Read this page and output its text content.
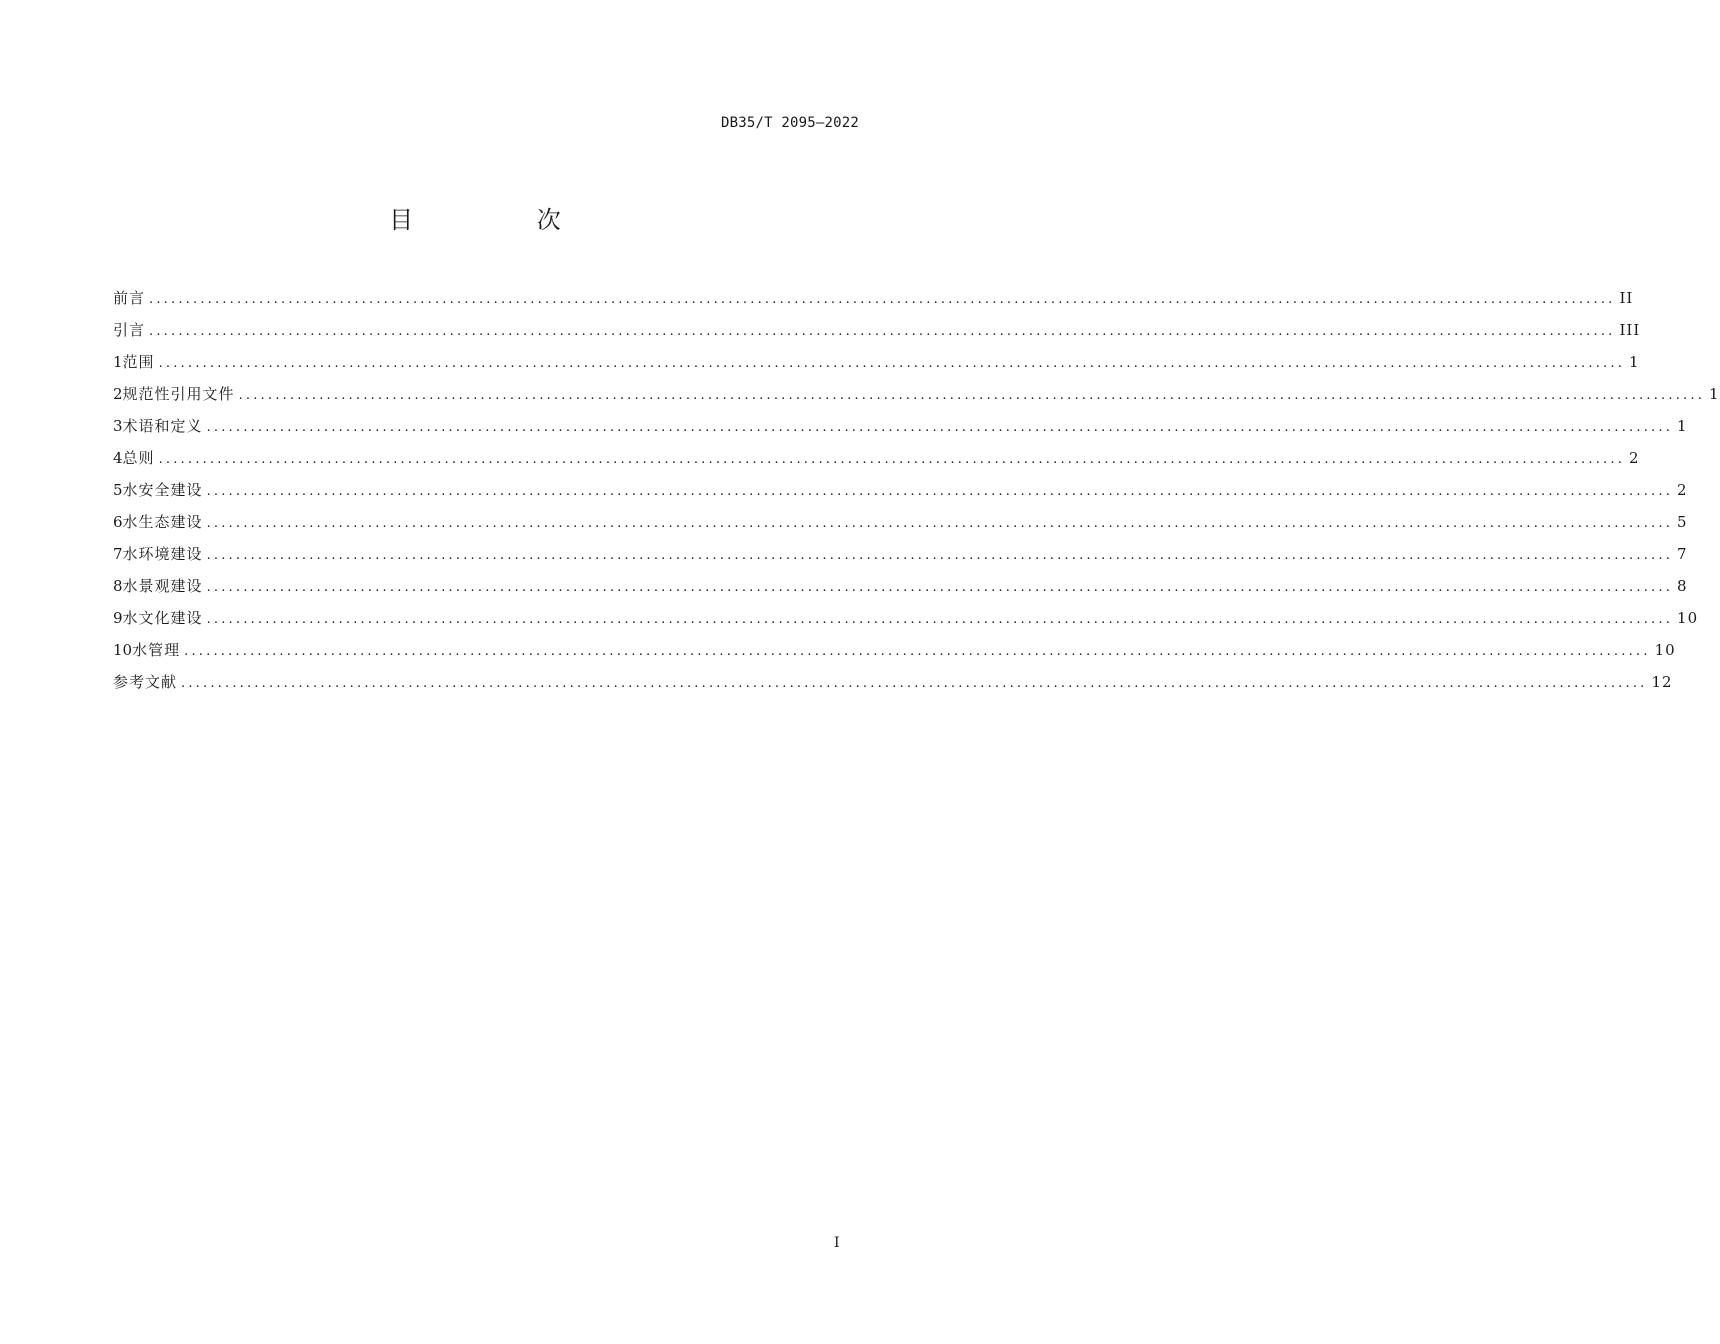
DB35/T 2095—2022
目 次
前言 ........................................................................................................................................................................................................ II
引言 ........................................................................................................................................................................................................ III
1 范围 ........................................................................................................................................................................................................ 1
2 规范性引用文件 ........................................................................................................................................................................................................ 1
3 术语和定义 ........................................................................................................................................................................................................ 1
4 总则 ........................................................................................................................................................................................................ 2
5 水安全建设 ........................................................................................................................................................................................................ 2
6 水生态建设 ........................................................................................................................................................................................................ 5
7 水环境建设 ........................................................................................................................................................................................................ 7
8 水景观建设 ........................................................................................................................................................................................................ 8
9 水文化建设 ........................................................................................................................................................................................................ 10
10 水管理 ........................................................................................................................................................................................................ 10
参考文献 ........................................................................................................................................................................................................ 12
I
